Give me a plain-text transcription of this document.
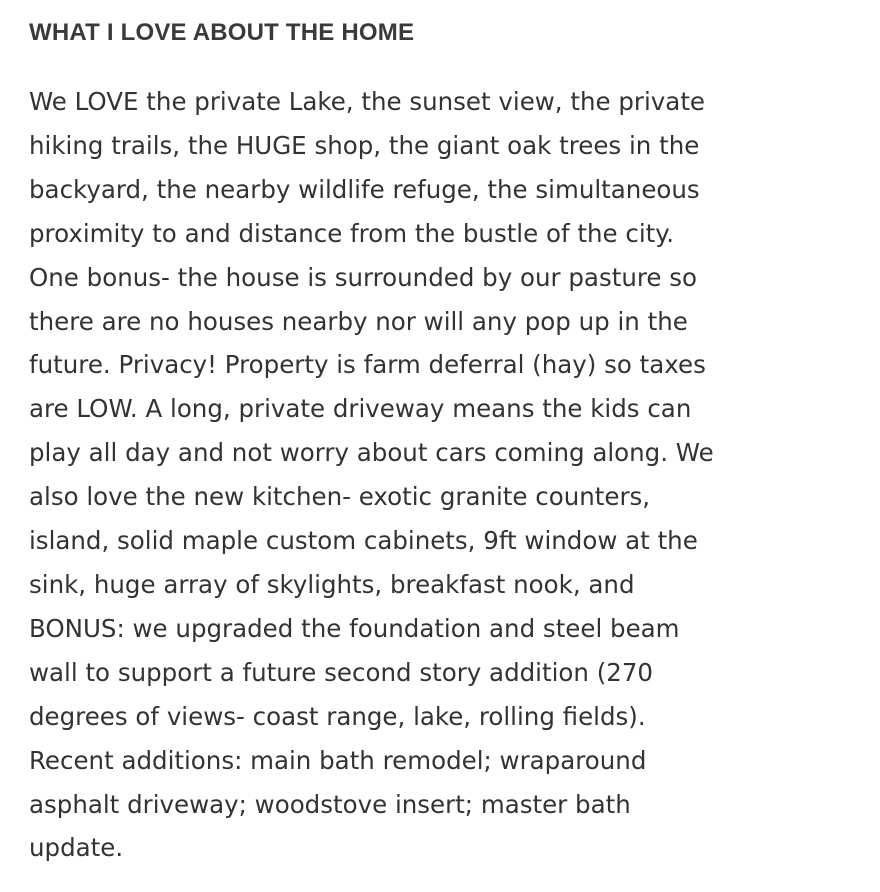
WHAT I LOVE ABOUT THE HOME

We LOVE the private Lake, the sunset view, the private
hiking trails, the HUGE shop, the giant oak trees in the
backyard, the nearby wildlife refuge, the simultaneous
proximity to and distance from the bustle of the city.
One bonus- the house is surrounded by our pasture so
there are no houses nearby nor will any pop up in the
future. Privacy! Property is farm deferral (hay) so taxes
are LOW. A long, private driveway means the kids can
play all day and not worry about cars coming along. We
also love the new kitchen- exotic granite counters,
island, solid maple custom cabinets, 9ft window at the
sink, huge array of skylights, breakfast nook, and
BONUS: we upgraded the foundation and steel beam
wall to support a future second story addition (270
degrees of views- coast range, lake, rolling fields).
Recent additions: main bath remodel; wraparound
asphalt driveway; woodstove insert; master bath
update.
